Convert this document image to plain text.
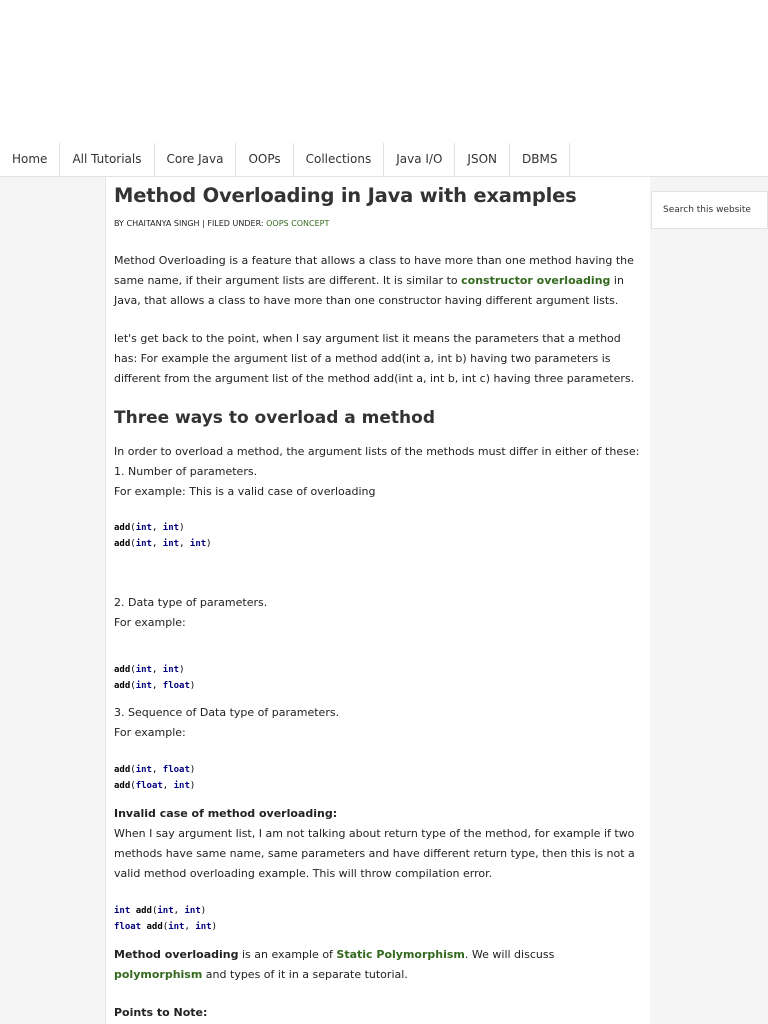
Home	All Tutorials	Core Java	OOPs	Collections	Java I/O	JSON	DBMS
Search this website
Method Overloading in Java with examples
BY CHAITANYA SINGH | FILED UNDER: OOPS CONCEPT

Method Overloading is a feature that allows a class to have more than one method having the same name, if their argument lists are different. It is similar to constructor overloading in Java, that allows a class to have more than one constructor having different argument lists.

let's get back to the point, when I say argument list it means the parameters that a method has: For example the argument list of a method add(int a, int b) having two parameters is different from the argument list of the method add(int a, int b, int c) having three parameters.

Three ways to overload a method

In order to overload a method, the argument lists of the methods must differ in either of these:
1. Number of parameters.
For example: This is a valid case of overloading

add(int, int)
add(int, int, int)

2. Data type of parameters.
For example:

add(int, int)
add(int, float)

3. Sequence of Data type of parameters.
For example:

add(int, float)
add(float, int)

Invalid case of method overloading:
When I say argument list, I am not talking about return type of the method, for example if two methods have same name, same parameters and have different return type, then this is not a valid method overloading example. This will throw compilation error.

int add(int, int)
float add(int, int)

Method overloading is an example of Static Polymorphism. We will discuss polymorphism and types of it in a separate tutorial.

Points to Note:
